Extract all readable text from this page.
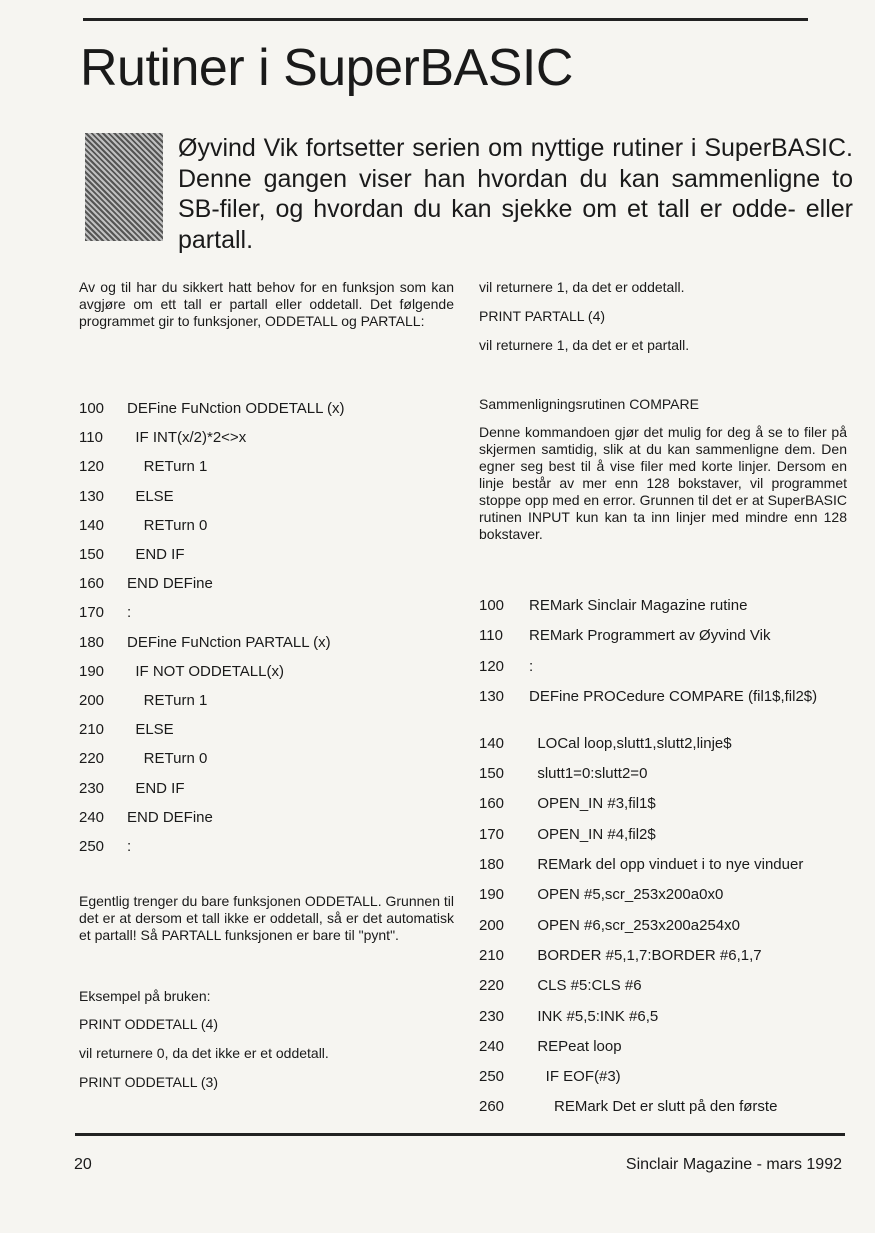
Rutiner i SuperBASIC

Øyvind Vik fortsetter serien om nyttige rutiner i SuperBASIC. Denne gangen viser han hvordan du kan sammenligne to SB-filer, og hvordan du kan sjekke om et tall er odde- eller partall.

Av og til har du sikkert hatt behov for en funksjon som kan avgjøre om ett tall er partall eller oddetall. Det følgende programmet gir to funksjoner, ODDETALL og PARTALL:

100 DEFine FuNction ODDETALL (x)
110  IF INT(x/2)*2<>x
120    RETurn 1
130  ELSE
140    RETurn 0
150  END IF
160 END DEFine
170 :
180 DEFine FuNction PARTALL (x)
190  IF NOT ODDETALL(x)
200    RETurn 1
210  ELSE
220    RETurn 0
230  END IF
240 END DEFine
250 :

Egentlig trenger du bare funksjonen ODDETALL. Grunnen til det er at dersom et tall ikke er oddetall, så er det automatisk et partall! Så PARTALL funksjonen er bare til "pynt".

Eksempel på bruken:

PRINT ODDETALL (4)

vil returnere 0, da det ikke er et oddetall.

PRINT ODDETALL (3)

vil returnere 1, da det er oddetall.

PRINT PARTALL (4)

vil returnere 1, da det er et partall.

Sammenligningsrutinen COMPARE

Denne kommandoen gjør det mulig for deg å se to filer på skjermen samtidig, slik at du kan sammenligne dem. Den egner seg best til å vise filer med korte linjer. Dersom en linje består av mer enn 128 bokstaver, vil programmet stoppe opp med en error. Grunnen til det er at SuperBASIC rutinen INPUT kun kan ta inn linjer med mindre enn 128 bokstaver.

100 REMark Sinclair Magazine rutine
110 REMark Programmert av Øyvind Vik
120 :
130 DEFine PROCedure COMPARE (fil1$,fil2$)
140  LOCal loop,slutt1,slutt2,linje$
150  slutt1=0:slutt2=0
160  OPEN_IN #3,fil1$
170  OPEN_IN #4,fil2$
180  REMark del opp vinduet i to nye vinduer
190  OPEN #5,scr_253x200a0x0
200  OPEN #6,scr_253x200a254x0
210  BORDER #5,1,7:BORDER #6,1,7
220  CLS #5:CLS #6
230  INK #5,5:INK #6,5
240  REPeat loop
250    IF EOF(#3)
260      REMark Det er slutt på den første
20	Sinclair Magazine - mars 1992
